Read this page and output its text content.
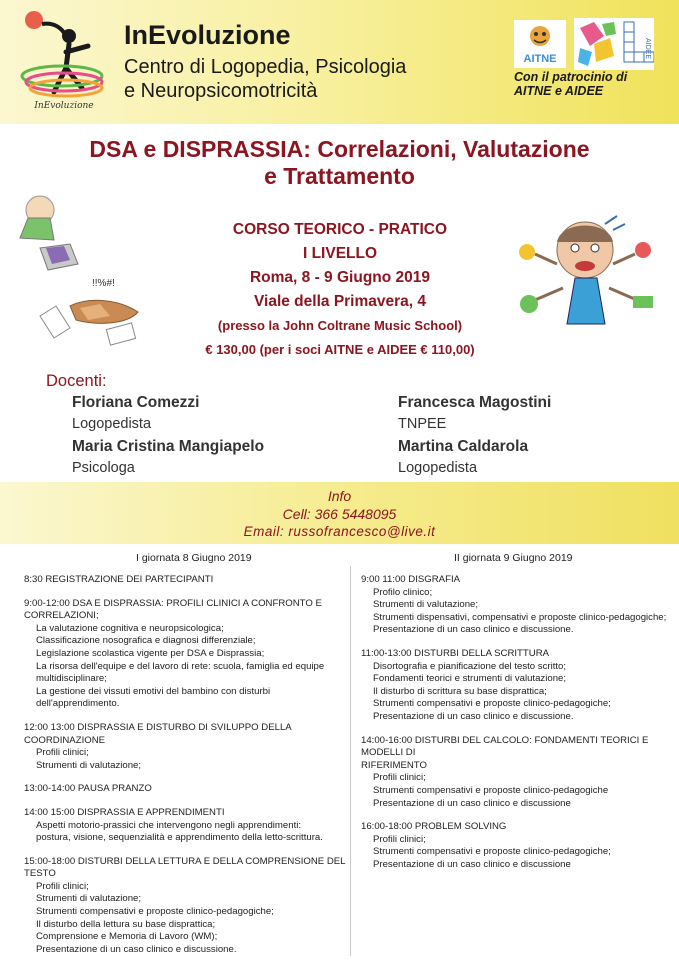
InEvoluzione
InEvoluzione
Centro di Logopedia, Psicologia
e Neuropsicomotricità
AITNE	AIDEE
Con il patrocinio di
AITNE e AIDEE
DSA e DISPRASSIA: Correlazioni, Valutazione
e Trattamento
!!%#!
CORSO TEORICO - PRATICO
I LIVELLO
Roma, 8 - 9 Giugno 2019
Viale della Primavera, 4
(presso la John Coltrane Music School)
€ 130,00 (per i soci AITNE e AIDEE € 110,00)
Docenti:
Floriana Comezzi
Logopedista
Francesca Magostini
TNPEE
Maria Cristina Mangiapelo
Psicologa
Martina Caldarola
Logopedista
Info
Cell: 366 5448095
Email: russofrancesco@live.it
I giornata 8 Giugno 2019	II giornata 9 Giugno 2019
8:30 REGISTRAZIONE DEI PARTECIPANTI
9:00-12:00 DSA E DISPRASSIA: PROFILI CLINICI A CONFRONTO E CORRELAZIONI;
La valutazione cognitiva e neuropsicologica;
Classificazione nosografica e diagnosi differenziale;
Legislazione scolastica vigente per DSA e Disprassia;
La risorsa dell'equipe e del lavoro di rete: scuola, famiglia ed equipe
multidisciplinare;
La gestione dei vissuti emotivi del bambino con disturbi dell'apprendimento.
12:00 13:00 DISPRASSIA E DISTURBO DI SVILUPPO DELLA COORDINAZIONE
Profili clinici;
Strumenti di valutazione;
13:00-14:00 PAUSA PRANZO
14:00 15:00 DISPRASSIA E APPRENDIMENTI
Aspetti motorio-prassici che intervengono negli apprendimenti:
postura, visione, sequenzialità e apprendimento della letto-scrittura.
15:00-18:00 DISTURBI DELLA LETTURA E DELLA COMPRENSIONE DEL TESTO
Profili clinici;
Strumenti di valutazione;
Strumenti compensativi e proposte clinico-pedagogiche;
Il disturbo della lettura su base disprattica;
Comprensione e Memoria di Lavoro (WM);
Presentazione di un caso clinico e discussione.
9:00 11:00 DISGRAFIA
Profilo clinico;
Strumenti di valutazione;
Strumenti dispensativi, compensativi e proposte clinico-pedagogiche;
Presentazione di un caso clinico e discussione.
11:00-13:00 DISTURBI DELLA SCRITTURA
Disortografia e pianificazione del testo scritto;
Fondamenti teorici e strumenti di valutazione;
Il disturbo di scrittura su base disprattica;
Strumenti compensativi e proposte clinico-pedagogiche;
Presentazione di un caso clinico e discussione.
14:00-16:00 DISTURBI DEL CALCOLO: FONDAMENTI TEORICI E MODELLI DI
RIFERIMENTO
Profili clinici;
Strumenti compensativi e proposte clinico-pedagogiche
Presentazione di un caso clinico e discussione
16:00-18:00 PROBLEM SOLVING
Profili clinici;
Strumenti compensativi e proposte clinico-pedagogiche;
Presentazione di un caso clinico e discussione
